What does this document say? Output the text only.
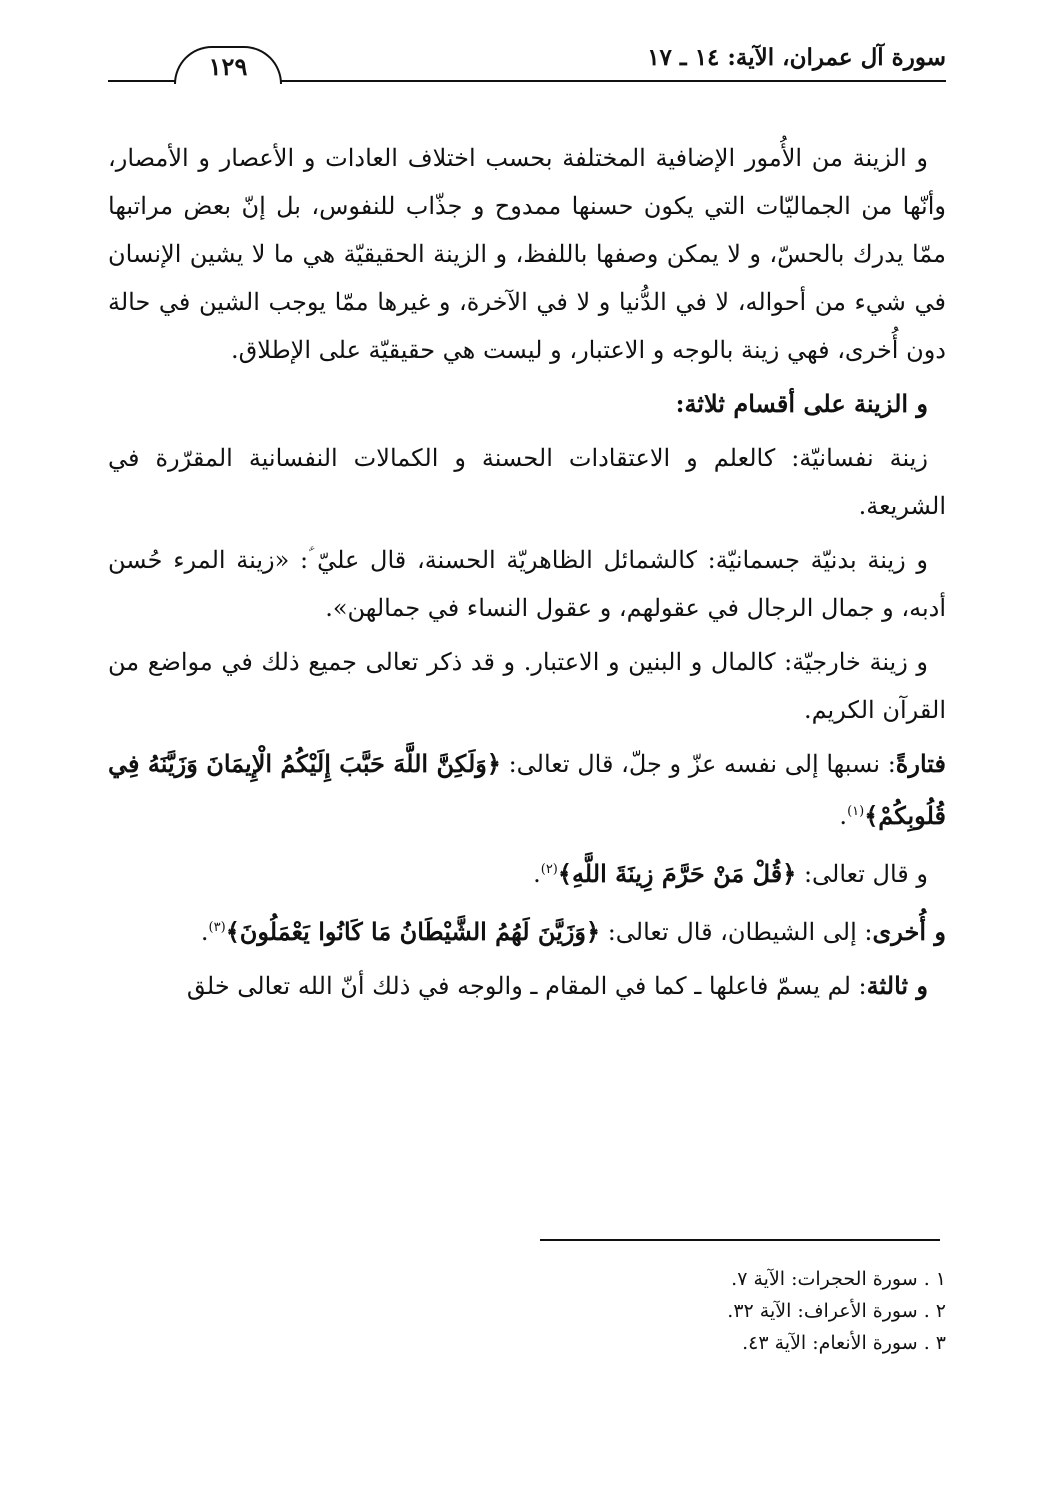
سورة آل عمران، الآية: ١٤ ـ ١٧
١٢٩

و الزينة من الأُمور الإضافية المختلفة بحسب اختلاف العادات و الأعصار و الأمصار، وأنّها من الجماليّات التي يكون حسنها ممدوح و جذّاب للنفوس، بل إنّ بعض مراتبها ممّا يدرك بالحسّ، و لا يمكن وصفها باللفظ، و الزينة الحقيقيّة هي ما لا يشين الإنسان في شيء من أحواله، لا في الدُّنيا و لا في الآخرة، و غيرها ممّا يوجب الشين في حالة دون أُخرى، فهي زينة بالوجه و الاعتبار، و ليست هي حقيقيّة على الإطلاق.

و الزينة على أقسام ثلاثة:

زينة نفسانيّة: كالعلم و الاعتقادات الحسنة و الكمالات النفسانية المقرّرة في الشريعة.

و زينة بدنيّة جسمانيّة: كالشمائل الظاهريّة الحسنة، قال عليّ ؑ: «زينة المرء حُسن أدبه، و جمال الرجال في عقولهم، و عقول النساء في جمالهن».

و زينة خارجيّة: كالمال و البنين و الاعتبار. و قد ذكر تعالى جميع ذلك في مواضع من القرآن الكريم.

فتارةً: نسبها إلى نفسه عزّ و جلّ، قال تعالى: ﴿وَلَكِنَّ اللَّهَ حَبَّبَ إِلَيْكُمُ الْإِيمَانَ وَزَيَّنَهُ فِي قُلُوبِكُمْ﴾$^{(١)}$.

و قال تعالى: ﴿قُلْ مَنْ حَرَّمَ زِينَةَ اللَّهِ﴾$^{(٢)}$.

و أُخرى: إلى الشيطان، قال تعالى: ﴿وَزَيَّنَ لَهُمُ الشَّيْطَانُ مَا كَانُوا يَعْمَلُونَ﴾$^{(٣)}$.

و ثالثة: لم يسمّ فاعلها ـ كما في المقام ـ والوجه في ذلك أنّ الله تعالى خلق

١ . سورة الحجرات: الآية ٧.

٢ . سورة الأعراف: الآية ٣٢.

٣ . سورة الأنعام: الآية ٤٣.
